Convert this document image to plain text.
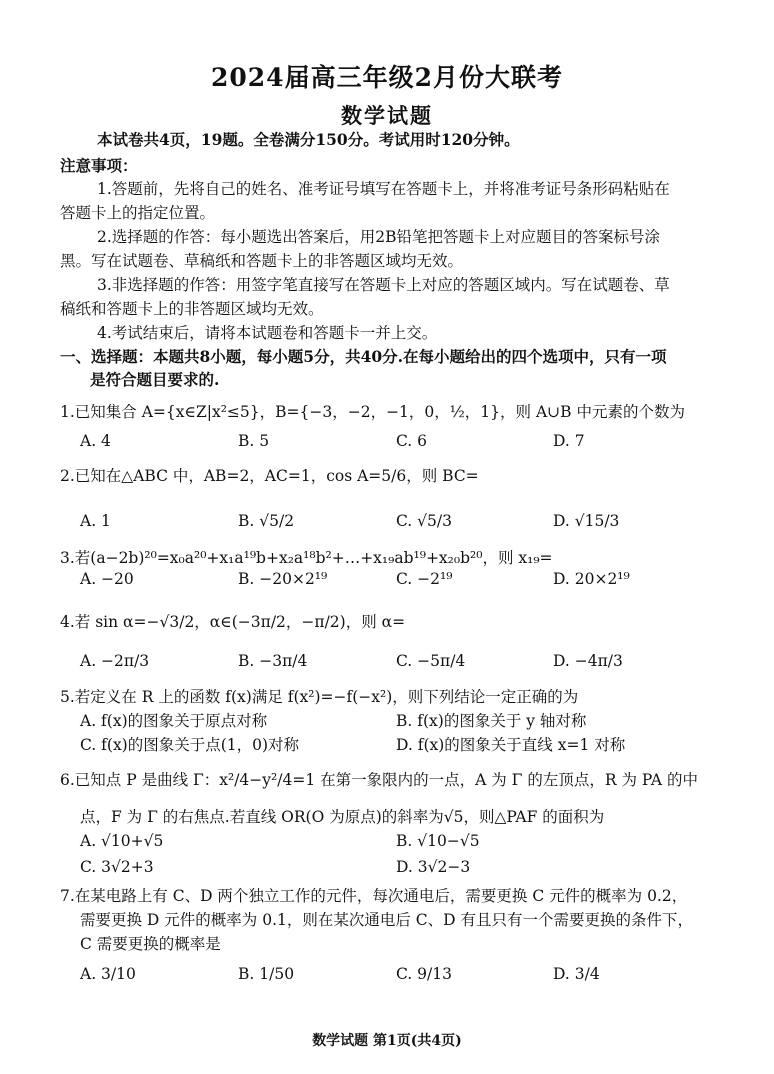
2024届高三年级2月份大联考
数学试题
本试卷共4页，19题。全卷满分150分。考试用时120分钟。
注意事项：
1.答题前，先将自己的姓名、准考证号填写在答题卡上，并将准考证号条形码粘贴在
答题卡上的指定位置。
2.选择题的作答：每小题选出答案后，用2B铅笔把答题卡上对应题目的答案标号涂
黑。写在试题卷、草稿纸和答题卡上的非答题区域均无效。
3.非选择题的作答：用签字笔直接写在答题卡上对应的答题区域内。写在试题卷、草
稿纸和答题卡上的非答题区域均无效。
4.考试结束后，请将本试题卷和答题卡一并上交。
一、选择题：本题共8小题，每小题5分，共40分.在每小题给出的四个选项中，只有一项
是符合题目要求的.
1.已知集合 A={x∈Z|x²≤5}，B={−3，−2，−1，0，½，1}，则 A∪B 中元素的个数为
A. 4	B. 5	C. 6	D. 7
2.已知在△ABC 中，AB=2，AC=1，cos A=5/6，则 BC=
A. 1	B. √5/2	C. √5/3	D. √15/3
3.若(a−2b)²⁰=x₀a²⁰+x₁a¹⁹b+x₂a¹⁸b²+…+x₁₉ab¹⁹+x₂₀b²⁰，则 x₁₉=
A. −20	B. −20×2¹⁹	C. −2¹⁹	D. 20×2¹⁹
4.若 sin α=−√3/2，α∈(−3π/2，−π/2)，则 α=
A. −2π/3	B. −3π/4	C. −5π/4	D. −4π/3
5.若定义在 R 上的函数 f(x)满足 f(x²)=−f(−x²)，则下列结论一定正确的为
A. f(x)的图象关于原点对称	B. f(x)的图象关于 y 轴对称
C. f(x)的图象关于点(1，0)对称	D. f(x)的图象关于直线 x=1 对称
6.已知点 P 是曲线 Γ：x²/4−y²/4=1 在第一象限内的一点，A 为 Γ 的左顶点，R 为 PA 的中
点，F 为 Γ 的右焦点.若直线 OR(O 为原点)的斜率为√5，则△PAF 的面积为
A. √10+√5	B. √10−√5
C. 3√2+3	D. 3√2−3
7.在某电路上有 C、D 两个独立工作的元件，每次通电后，需要更换 C 元件的概率为 0.2，
需要更换 D 元件的概率为 0.1，则在某次通电后 C、D 有且只有一个需要更换的条件下，
C 需要更换的概率是
A. 3/10	B. 1/50	C. 9/13	D. 3/4
数学试题 第1页(共4页)
